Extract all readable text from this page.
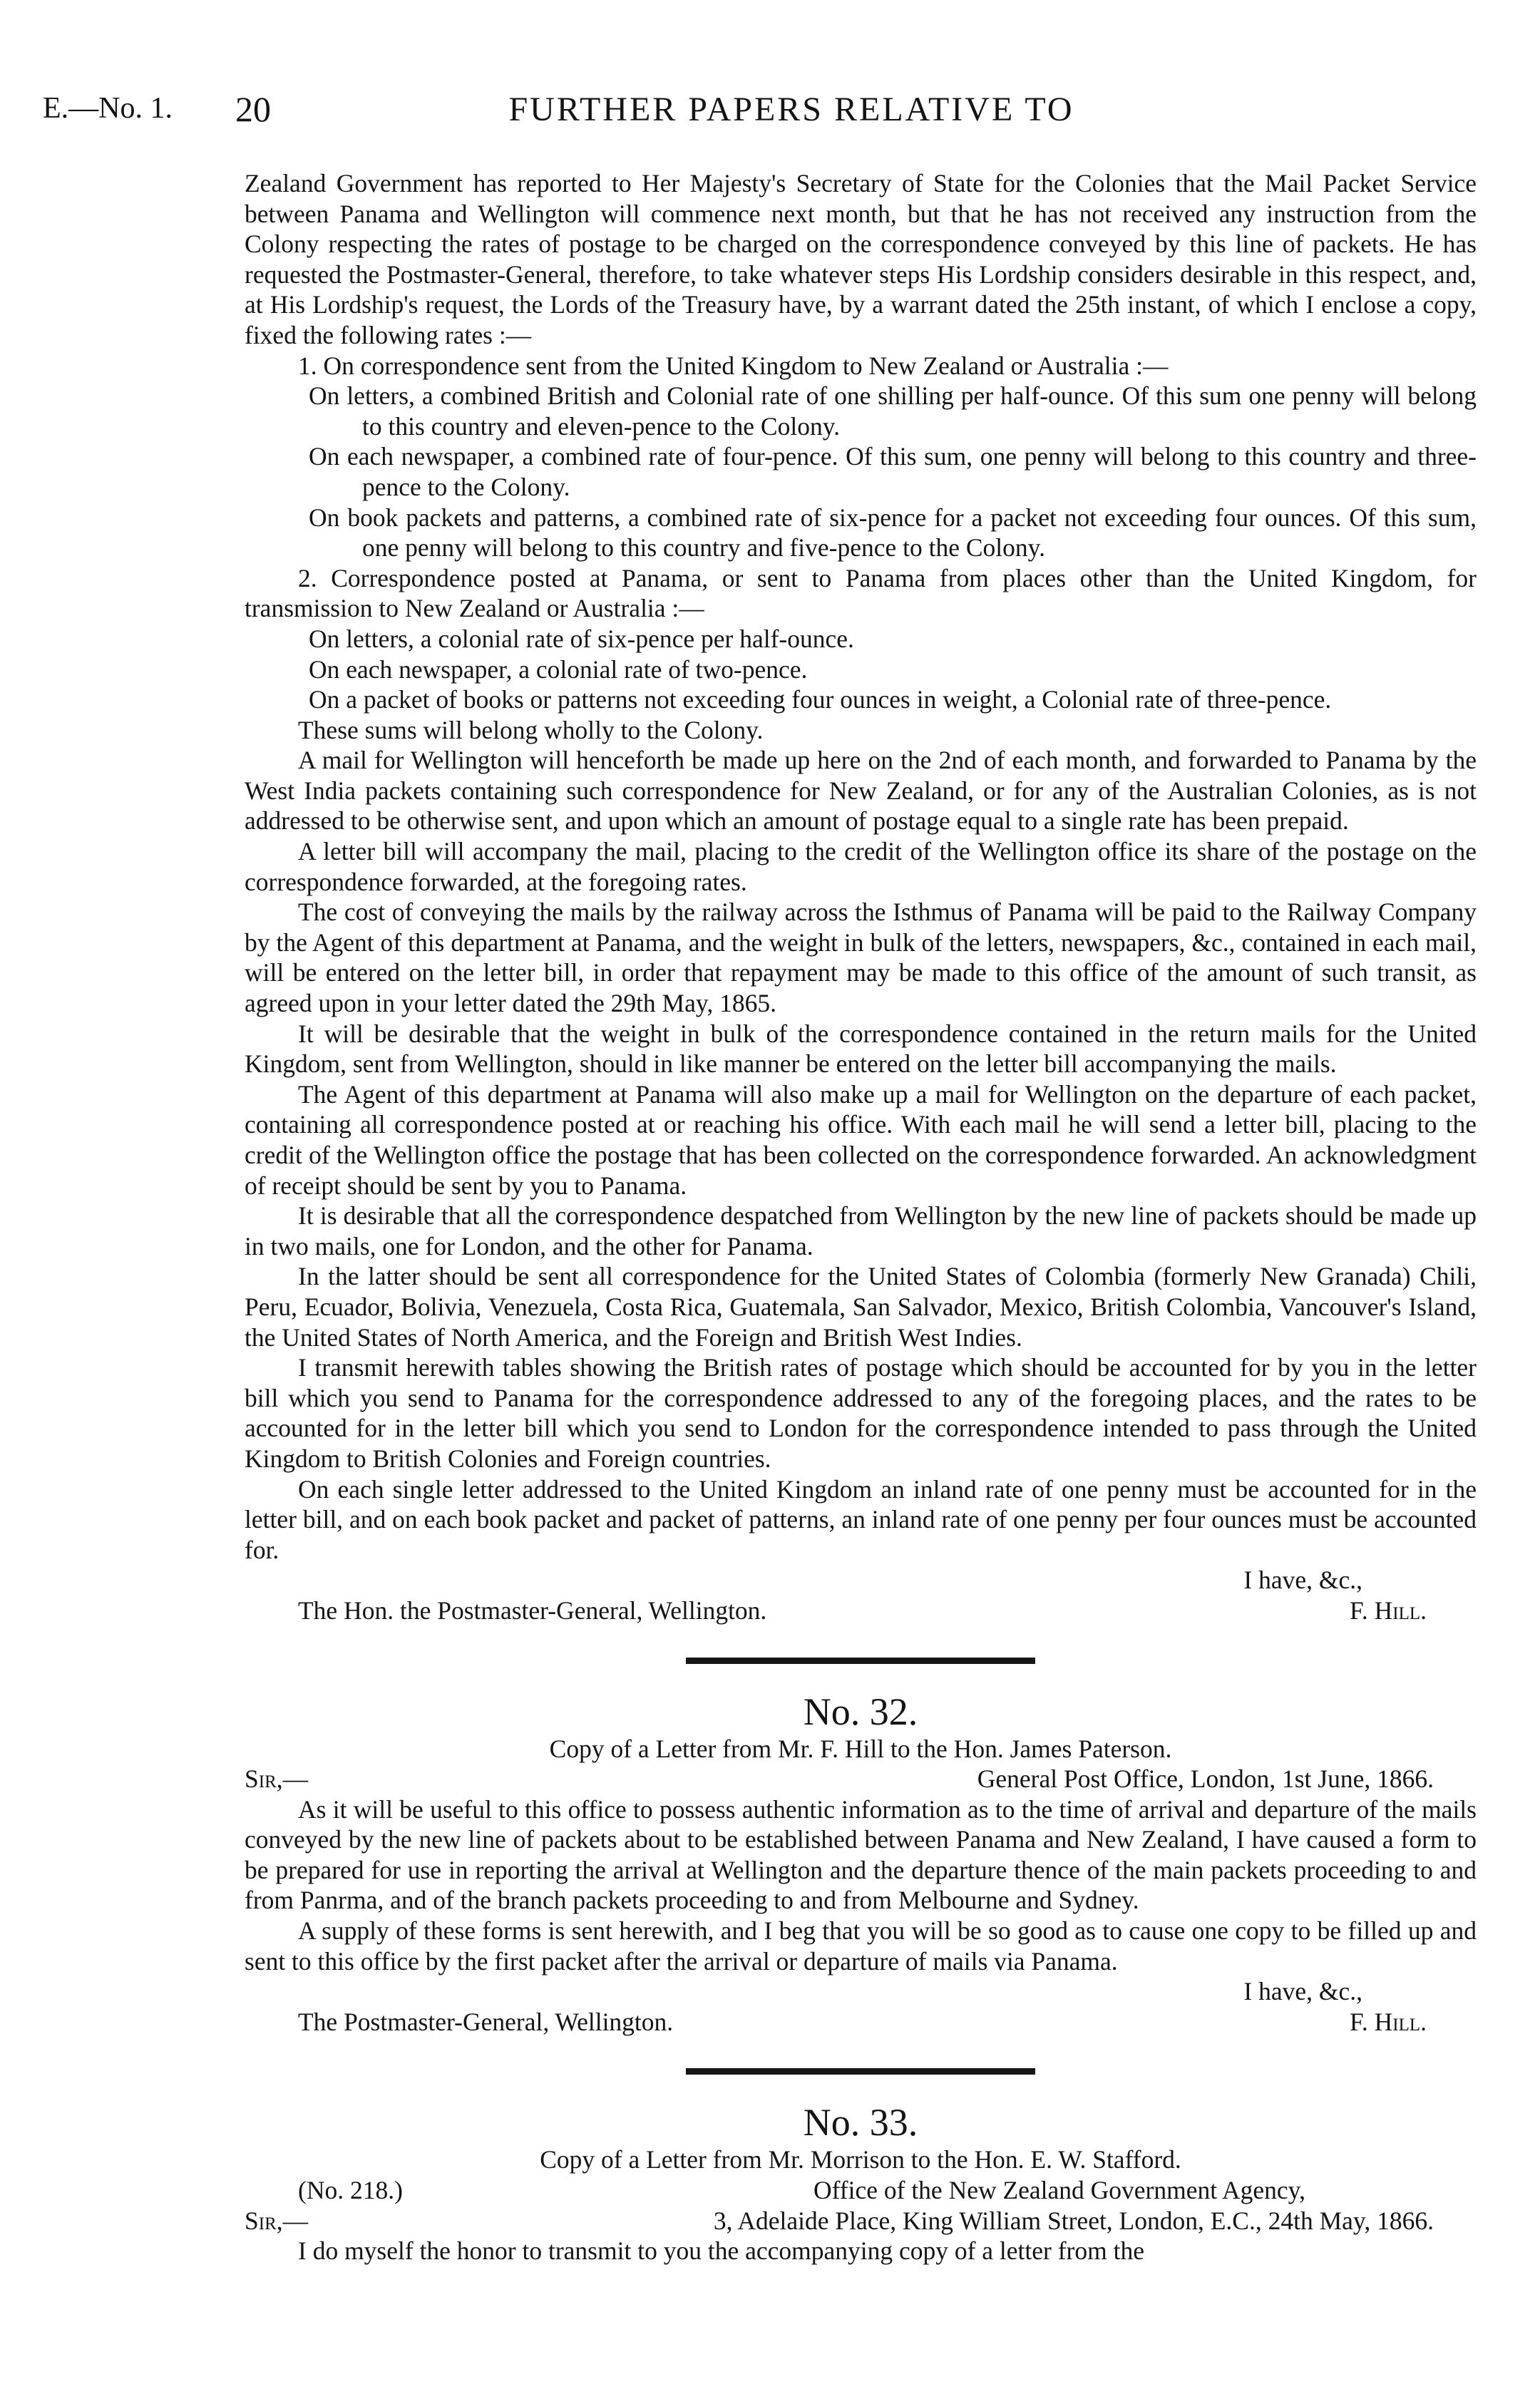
E.—No. 1. 20	FURTHER PAPERS RELATIVE TO

Zealand Government has reported to Her Majesty's Secretary of State for the Colonies that the Mail Packet Service between Panama and Wellington will commence next month, but that he has not received any instruction from the Colony respecting the rates of postage to be charged on the correspondence conveyed by this line of packets. He has requested the Postmaster-General, therefore, to take whatever steps His Lordship considers desirable in this respect, and, at His Lordship's request, the Lords of the Treasury have, by a warrant dated the 25th instant, of which I enclose a copy, fixed the following rates :—

1. On correspondence sent from the United Kingdom to New Zealand or Australia :—

On letters, a combined British and Colonial rate of one shilling per half-ounce. Of this sum one penny will belong to this country and eleven-pence to the Colony.

On each newspaper, a combined rate of four-pence. Of this sum, one penny will belong to this country and three-pence to the Colony.

On book packets and patterns, a combined rate of six-pence for a packet not exceeding four ounces. Of this sum, one penny will belong to this country and five-pence to the Colony.

2. Correspondence posted at Panama, or sent to Panama from places other than the United Kingdom, for transmission to New Zealand or Australia :—

On letters, a colonial rate of six-pence per half-ounce.

On each newspaper, a colonial rate of two-pence.

On a packet of books or patterns not exceeding four ounces in weight, a Colonial rate of three-pence.

These sums will belong wholly to the Colony.

A mail for Wellington will henceforth be made up here on the 2nd of each month, and forwarded to Panama by the West India packets containing such correspondence for New Zealand, or for any of the Australian Colonies, as is not addressed to be otherwise sent, and upon which an amount of postage equal to a single rate has been prepaid.

A letter bill will accompany the mail, placing to the credit of the Wellington office its share of the postage on the correspondence forwarded, at the foregoing rates.

The cost of conveying the mails by the railway across the Isthmus of Panama will be paid to the Railway Company by the Agent of this department at Panama, and the weight in bulk of the letters, newspapers, &c., contained in each mail, will be entered on the letter bill, in order that repayment may be made to this office of the amount of such transit, as agreed upon in your letter dated the 29th May, 1865.

It will be desirable that the weight in bulk of the correspondence contained in the return mails for the United Kingdom, sent from Wellington, should in like manner be entered on the letter bill accompanying the mails.

The Agent of this department at Panama will also make up a mail for Wellington on the departure of each packet, containing all correspondence posted at or reaching his office. With each mail he will send a letter bill, placing to the credit of the Wellington office the postage that has been collected on the correspondence forwarded. An acknowledgment of receipt should be sent by you to Panama.

It is desirable that all the correspondence despatched from Wellington by the new line of packets should be made up in two mails, one for London, and the other for Panama.

In the latter should be sent all correspondence for the United States of Colombia (formerly New Granada) Chili, Peru, Ecuador, Bolivia, Venezuela, Costa Rica, Guatemala, San Salvador, Mexico, British Colombia, Vancouver's Island, the United States of North America, and the Foreign and British West Indies.

I transmit herewith tables showing the British rates of postage which should be accounted for by you in the letter bill which you send to Panama for the correspondence addressed to any of the foregoing places, and the rates to be accounted for in the letter bill which you send to London for the correspondence intended to pass through the United Kingdom to British Colonies and Foreign countries.

On each single letter addressed to the United Kingdom an inland rate of one penny must be accounted for in the letter bill, and on each book packet and packet of patterns, an inland rate of one penny per four ounces must be accounted for.

I have, &c.,
The Hon. the Postmaster-General, Wellington.	F. Hill.
No. 32.
Copy of a Letter from Mr. F. Hill to the Hon. James Paterson.
Sir,—	General Post Office, London, 1st June, 1866.

As it will be useful to this office to possess authentic information as to the time of arrival and departure of the mails conveyed by the new line of packets about to be established between Panama and New Zealand, I have caused a form to be prepared for use in reporting the arrival at Wellington and the departure thence of the main packets proceeding to and from Panrma, and of the branch packets proceeding to and from Melbourne and Sydney.

A supply of these forms is sent herewith, and I beg that you will be so good as to cause one copy to be filled up and sent to this office by the first packet after the arrival or departure of mails via Panama.

I have, &c.,
The Postmaster-General, Wellington.	F. Hill.
No. 33.
Copy of a Letter from Mr. Morrison to the Hon. E. W. Stafford.
(No. 218.)	Office of the New Zealand Government Agency,
Sir,—	3, Adelaide Place, King William Street, London, E.C., 24th May, 1866.

I do myself the honor to transmit to you the accompanying copy of a letter from the
